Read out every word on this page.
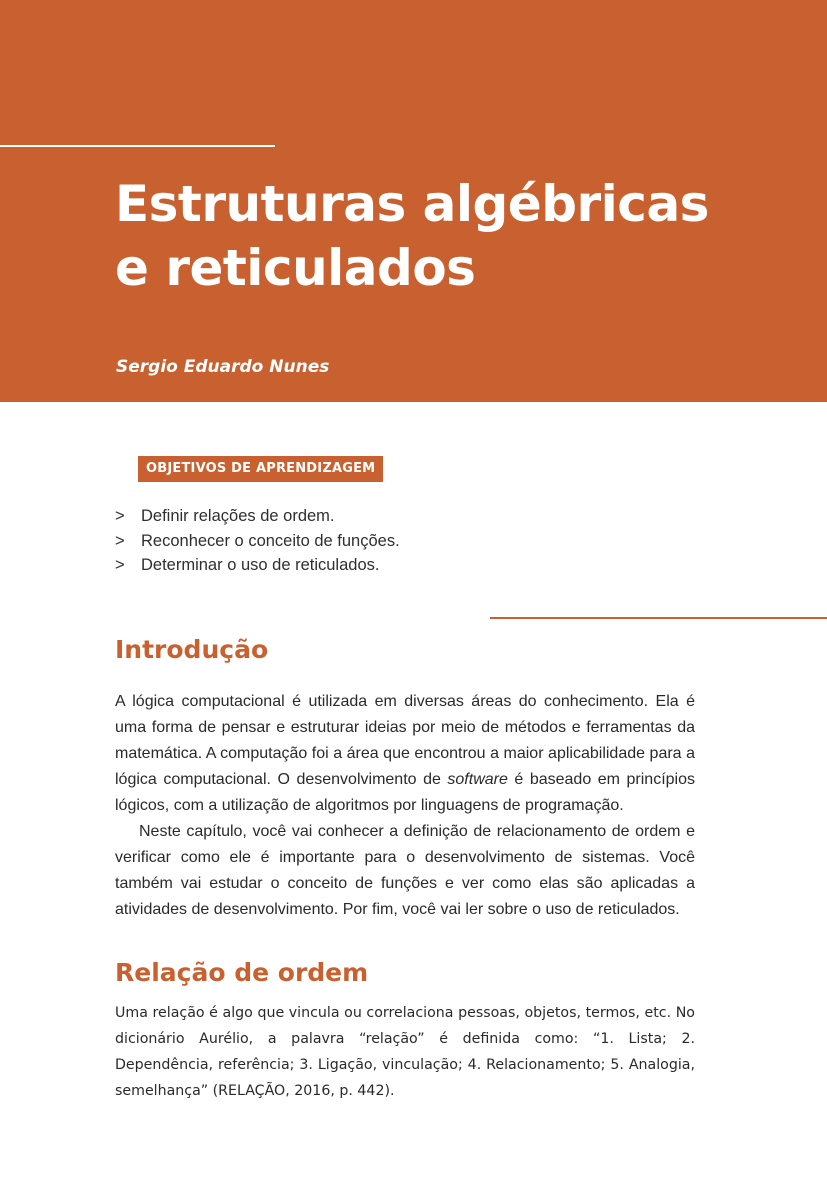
Estruturas algébricas
e reticulados
Sergio Eduardo Nunes
OBJETIVOS DE APRENDIZAGEM
> Definir relações de ordem.
> Reconhecer o conceito de funções.
> Determinar o uso de reticulados.
Introdução

A lógica computacional é utilizada em diversas áreas do conhecimento. Ela é uma forma de pensar e estruturar ideias por meio de métodos e ferramentas da matemática. A computação foi a área que encontrou a maior aplicabilidade para a lógica computacional. O desenvolvimento de software é baseado em princípios lógicos, com a utilização de algoritmos por linguagens de programação.

Neste capítulo, você vai conhecer a definição de relacionamento de ordem e verificar como ele é importante para o desenvolvimento de sistemas. Você também vai estudar o conceito de funções e ver como elas são aplicadas a atividades de desenvolvimento. Por fim, você vai ler sobre o uso de reticulados.

Relação de ordem

Uma relação é algo que vincula ou correlaciona pessoas, objetos, termos, etc. No dicionário Aurélio, a palavra “relação” é definida como: “1. Lista; 2. Dependência, referência; 3. Ligação, vinculação; 4. Relacionamento; 5. Analogia, semelhança” (RELAÇÃO, 2016, p. 442).
